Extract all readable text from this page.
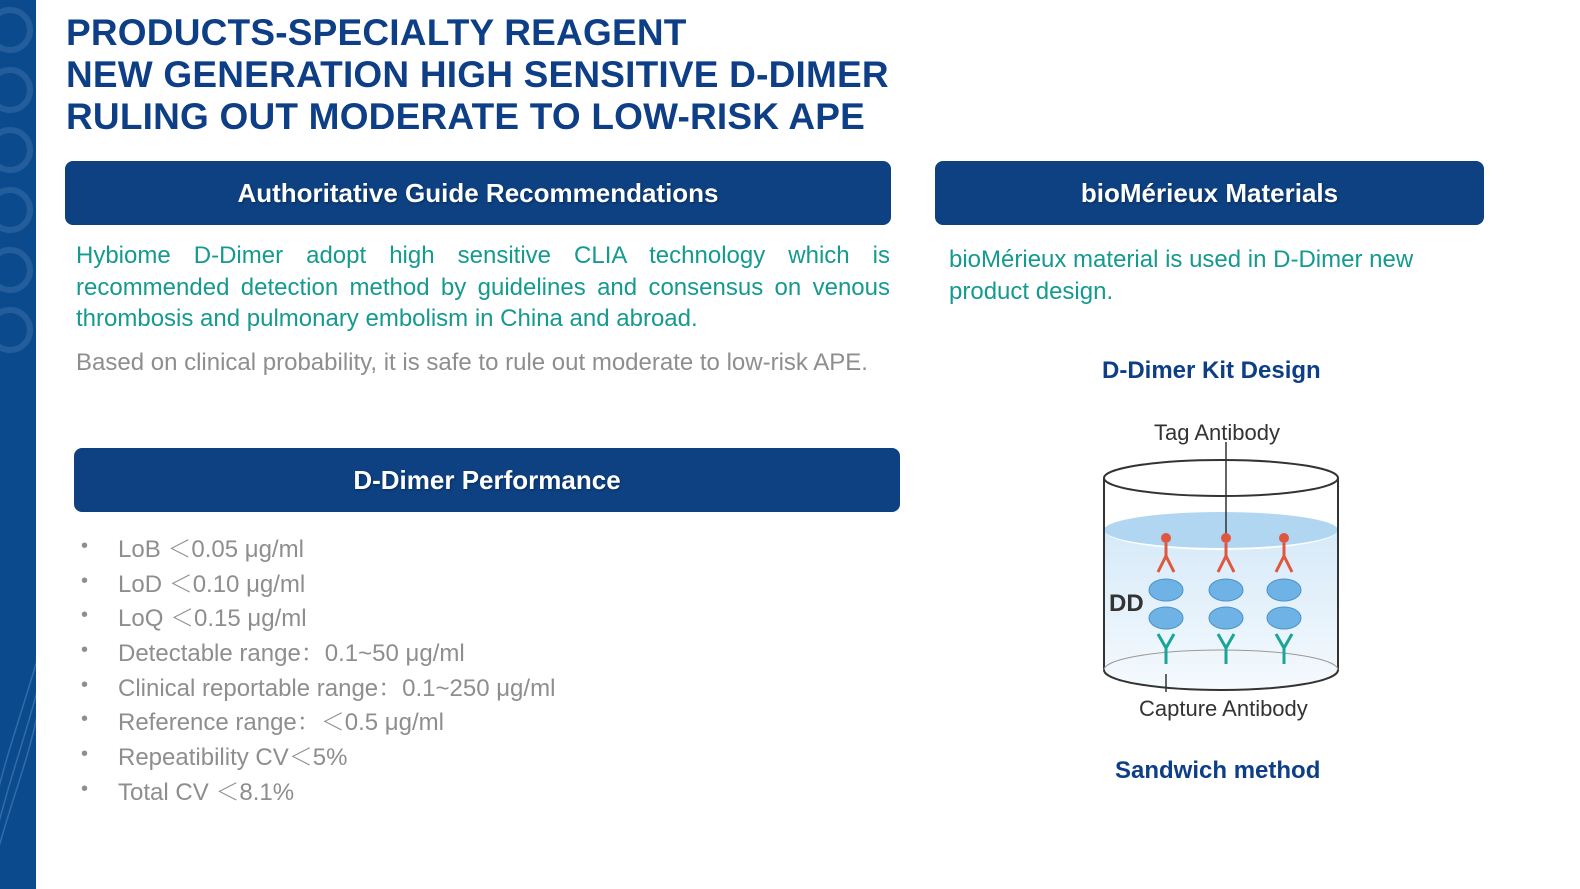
PRODUCTS-SPECIALTY REAGENT
NEW GENERATION HIGH SENSITIVE D-DIMER
RULING OUT MODERATE TO LOW-RISK APE
Authoritative Guide Recommendations
Hybiome D-Dimer adopt high sensitive CLIA technology which is recommended detection method by guidelines and consensus on venous thrombosis and pulmonary embolism in China and abroad.
Based on clinical probability, it is safe to rule out moderate to low-risk APE.
D-Dimer Performance
•	LoB ＜0.05 μg/ml
•	LoD ＜0.10 μg/ml
•	LoQ ＜0.15 μg/ml
•	Detectable range：0.1~50 μg/ml
•	Clinical reportable range：0.1~250 μg/ml
•	Reference range：＜0.5 μg/ml
•	Repeatibility CV＜5%
•	Total CV ＜8.1%
bioMérieux Materials
bioMérieux material is used in D-Dimer new product design.
D-Dimer Kit Design
Tag Antibody
DD
Capture Antibody
Sandwich method
